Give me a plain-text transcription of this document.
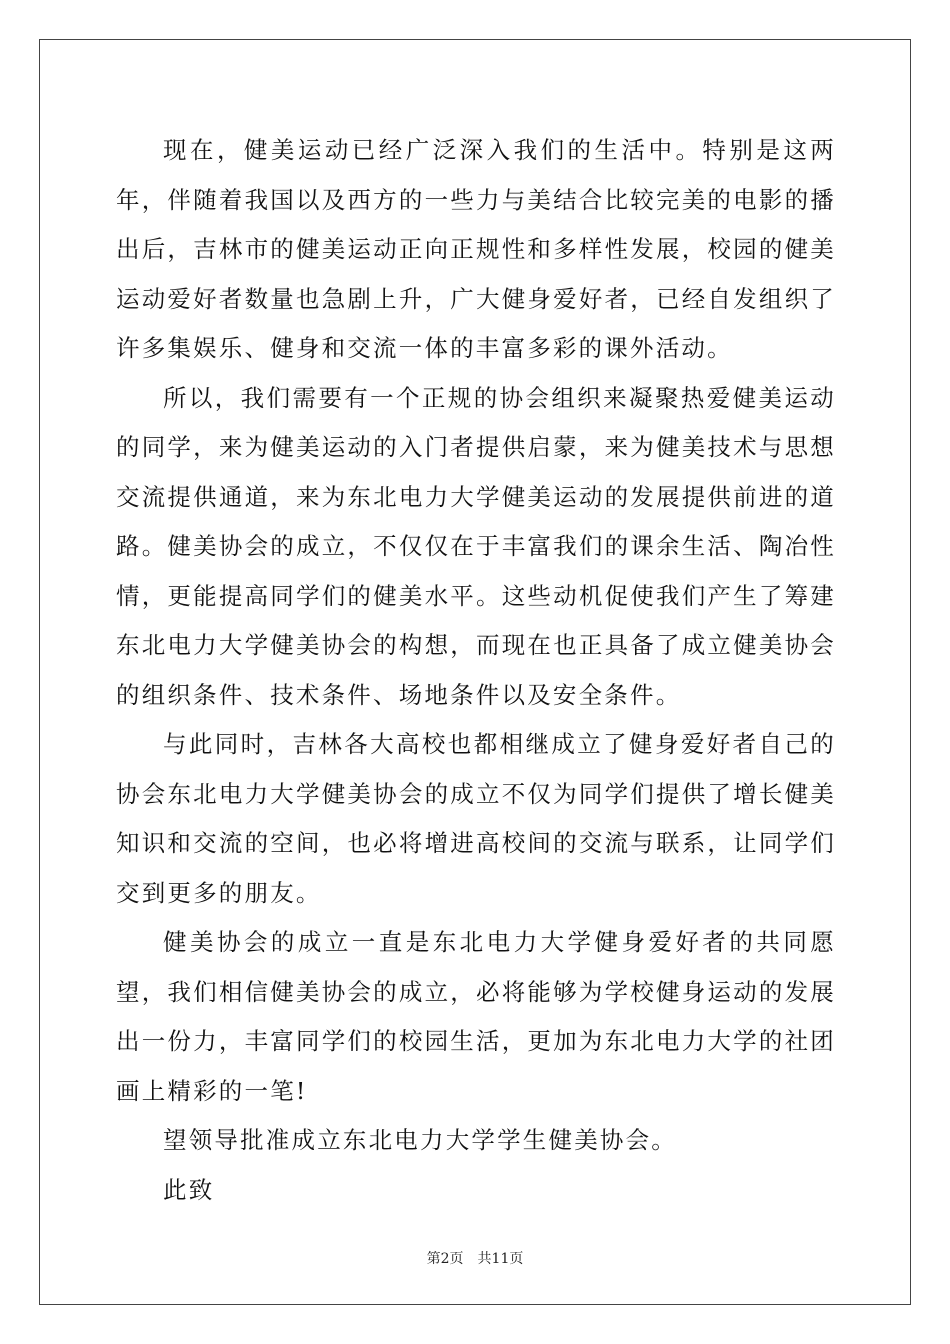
现在，健美运动已经广泛深入我们的生活中。特别是这两年，伴随着我国以及西方的一些力与美结合比较完美的电影的播出后，吉林市的健美运动正向正规性和多样性发展，校园的健美运动爱好者数量也急剧上升，广大健身爱好者，已经自发组织了许多集娱乐、健身和交流一体的丰富多彩的课外活动。

所以，我们需要有一个正规的协会组织来凝聚热爱健美运动的同学，来为健美运动的入门者提供启蒙，来为健美技术与思想交流提供通道，来为东北电力大学健美运动的发展提供前进的道路。健美协会的成立，不仅仅在于丰富我们的课余生活、陶冶性情，更能提高同学们的健美水平。这些动机促使我们产生了筹建东北电力大学健美协会的构想，而现在也正具备了成立健美协会的组织条件、技术条件、场地条件以及安全条件。

与此同时，吉林各大高校也都相继成立了健身爱好者自己的协会东北电力大学健美协会的成立不仅为同学们提供了增长健美知识和交流的空间，也必将增进高校间的交流与联系，让同学们交到更多的朋友。

健美协会的成立一直是东北电力大学健身爱好者的共同愿望，我们相信健美协会的成立，必将能够为学校健身运动的发展出一份力，丰富同学们的校园生活，更加为东北电力大学的社团画上精彩的一笔!

望领导批准成立东北电力大学学生健美协会。

此致

第2页　共11页
